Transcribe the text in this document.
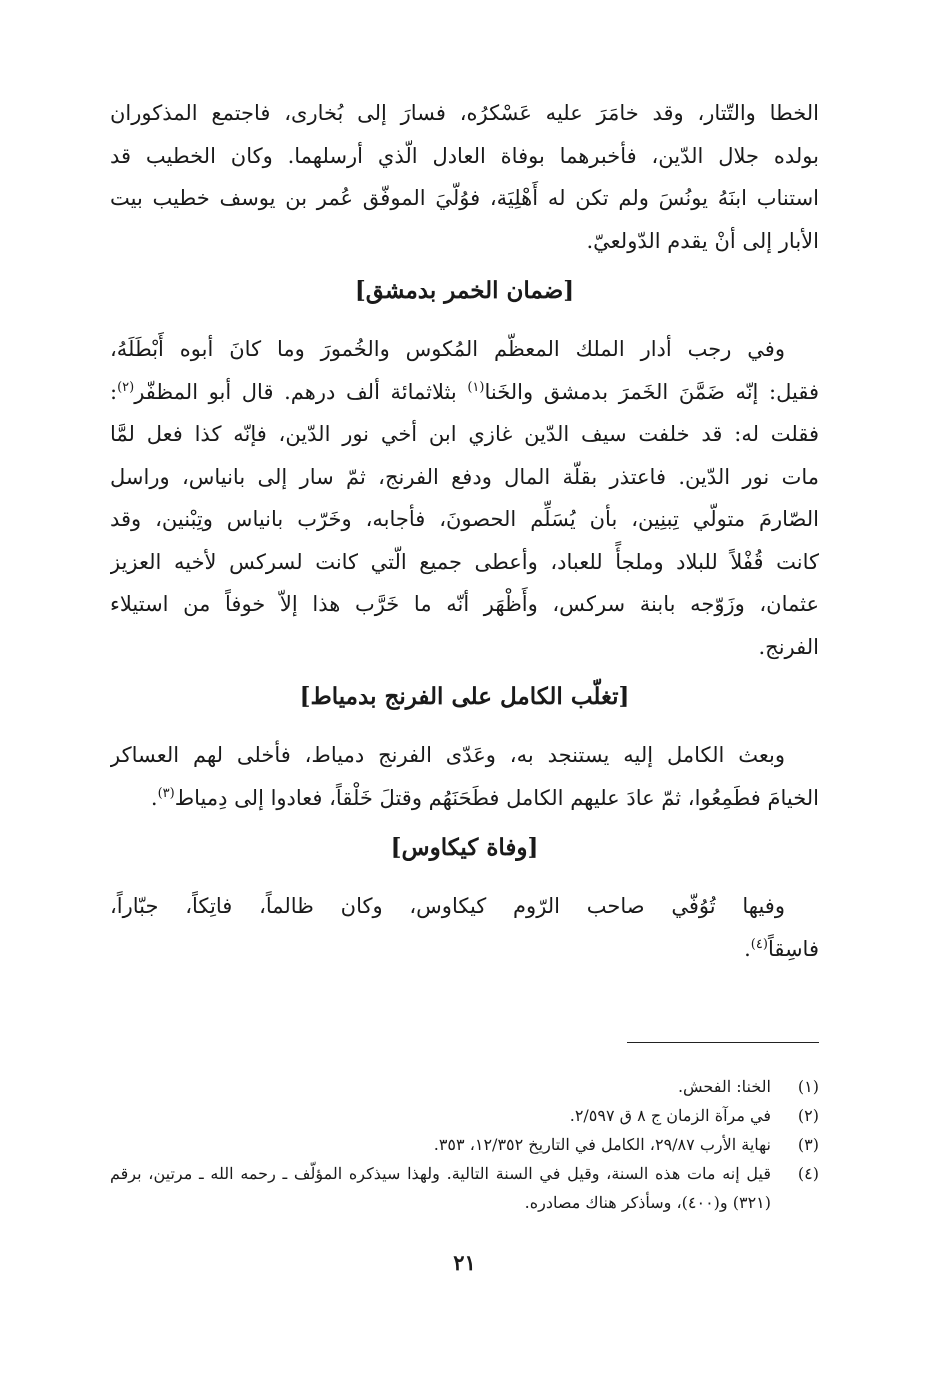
الخطا والتّتار، وقد خامَرَ عليه عَسْكرُه، فسارَ إلى بُخارى، فاجتمع المذكوران
بولده جلال الدّين، فأخبرهما بوفاة العادل الّذي أرسلهما. وكان الخطيب قد
استناب ابنَهُ يونُسَ ولم تكن له أَهْلِيَة، فوُلّيَ الموفّق عُمر بن يوسف خطيب بيت
الأبار إلى أنْ يقدم الدّولعيّ.
[ضمان الخمر بدمشق]
وفي رجب أدار الملك المعظّم المُكوس والخُمورَ وما كانَ أبوه أَبْطَلَهُ،
فقيل: إنّه ضَمَّنَ الخَمرَ بدمشق والخَنا$^{(١)}$ بثلاثمائة ألف درهم. قال أبو المظفّر$^{(٢)}$:
فقلت له: قد خلفت سيف الدّين غازي ابن أخي نور الدّين، فإنّه كذا فعل لمَّا
مات نور الدّين. فاعتذر بقلّة المال ودفع الفرنج، ثمّ سار إلى بانياس، وراسل
الصّارمَ متولّي تِبنِين، بأن يُسَلِّم الحصونَ، فأجابه، وخَرّب بانياس وتِبْنين، وقد
كانت قُفْلاً للبلاد وملجأً للعباد، وأعطى جميع الّتي كانت لسركس لأخيه العزيز
عثمان، وزَوّجه بابنة سركس، وأَظْهَر أنّه ما خَرَّب هذا إلاّ خوفاً من استيلاء
الفرنج.
[تغلّب الكامل على الفرنج بدمياط]
وبعث الكامل إليه يستنجد به، وعَدّى الفرنج دمياط، فأخلى لهم العساكر
الخيامَ فطَمِعُوا، ثمّ عادَ عليهم الكامل فطَحَنَهُم وقتلَ خَلْقاً، فعادوا إلى دِمياط$^{(٣)}$.
[وفاة كيكاوس]
وفيها تُوُفّي صاحب الرّوم كيكاوس، وكان ظالماً، فاتِكاً، جبّاراً،
فاسِقاً$^{(٤)}$.
(١)
الخنا: الفحش.
(٢)
في مرآة الزمان ج ٨ ق ٢/٥٩٧.
(٣)
نهاية الأرب ٢٩/٨٧، الكامل في التاريخ ١٢/٣٥٢، ٣٥٣.
(٤)
قيل إنه مات هذه السنة، وقيل في السنة التالية. ولهذا سيذكره المؤلّف ـ رحمه الله ـ مرتين، برقم (٣٢١) و(٤٠٠)، وسأذكر هناك مصادره.
٢١
